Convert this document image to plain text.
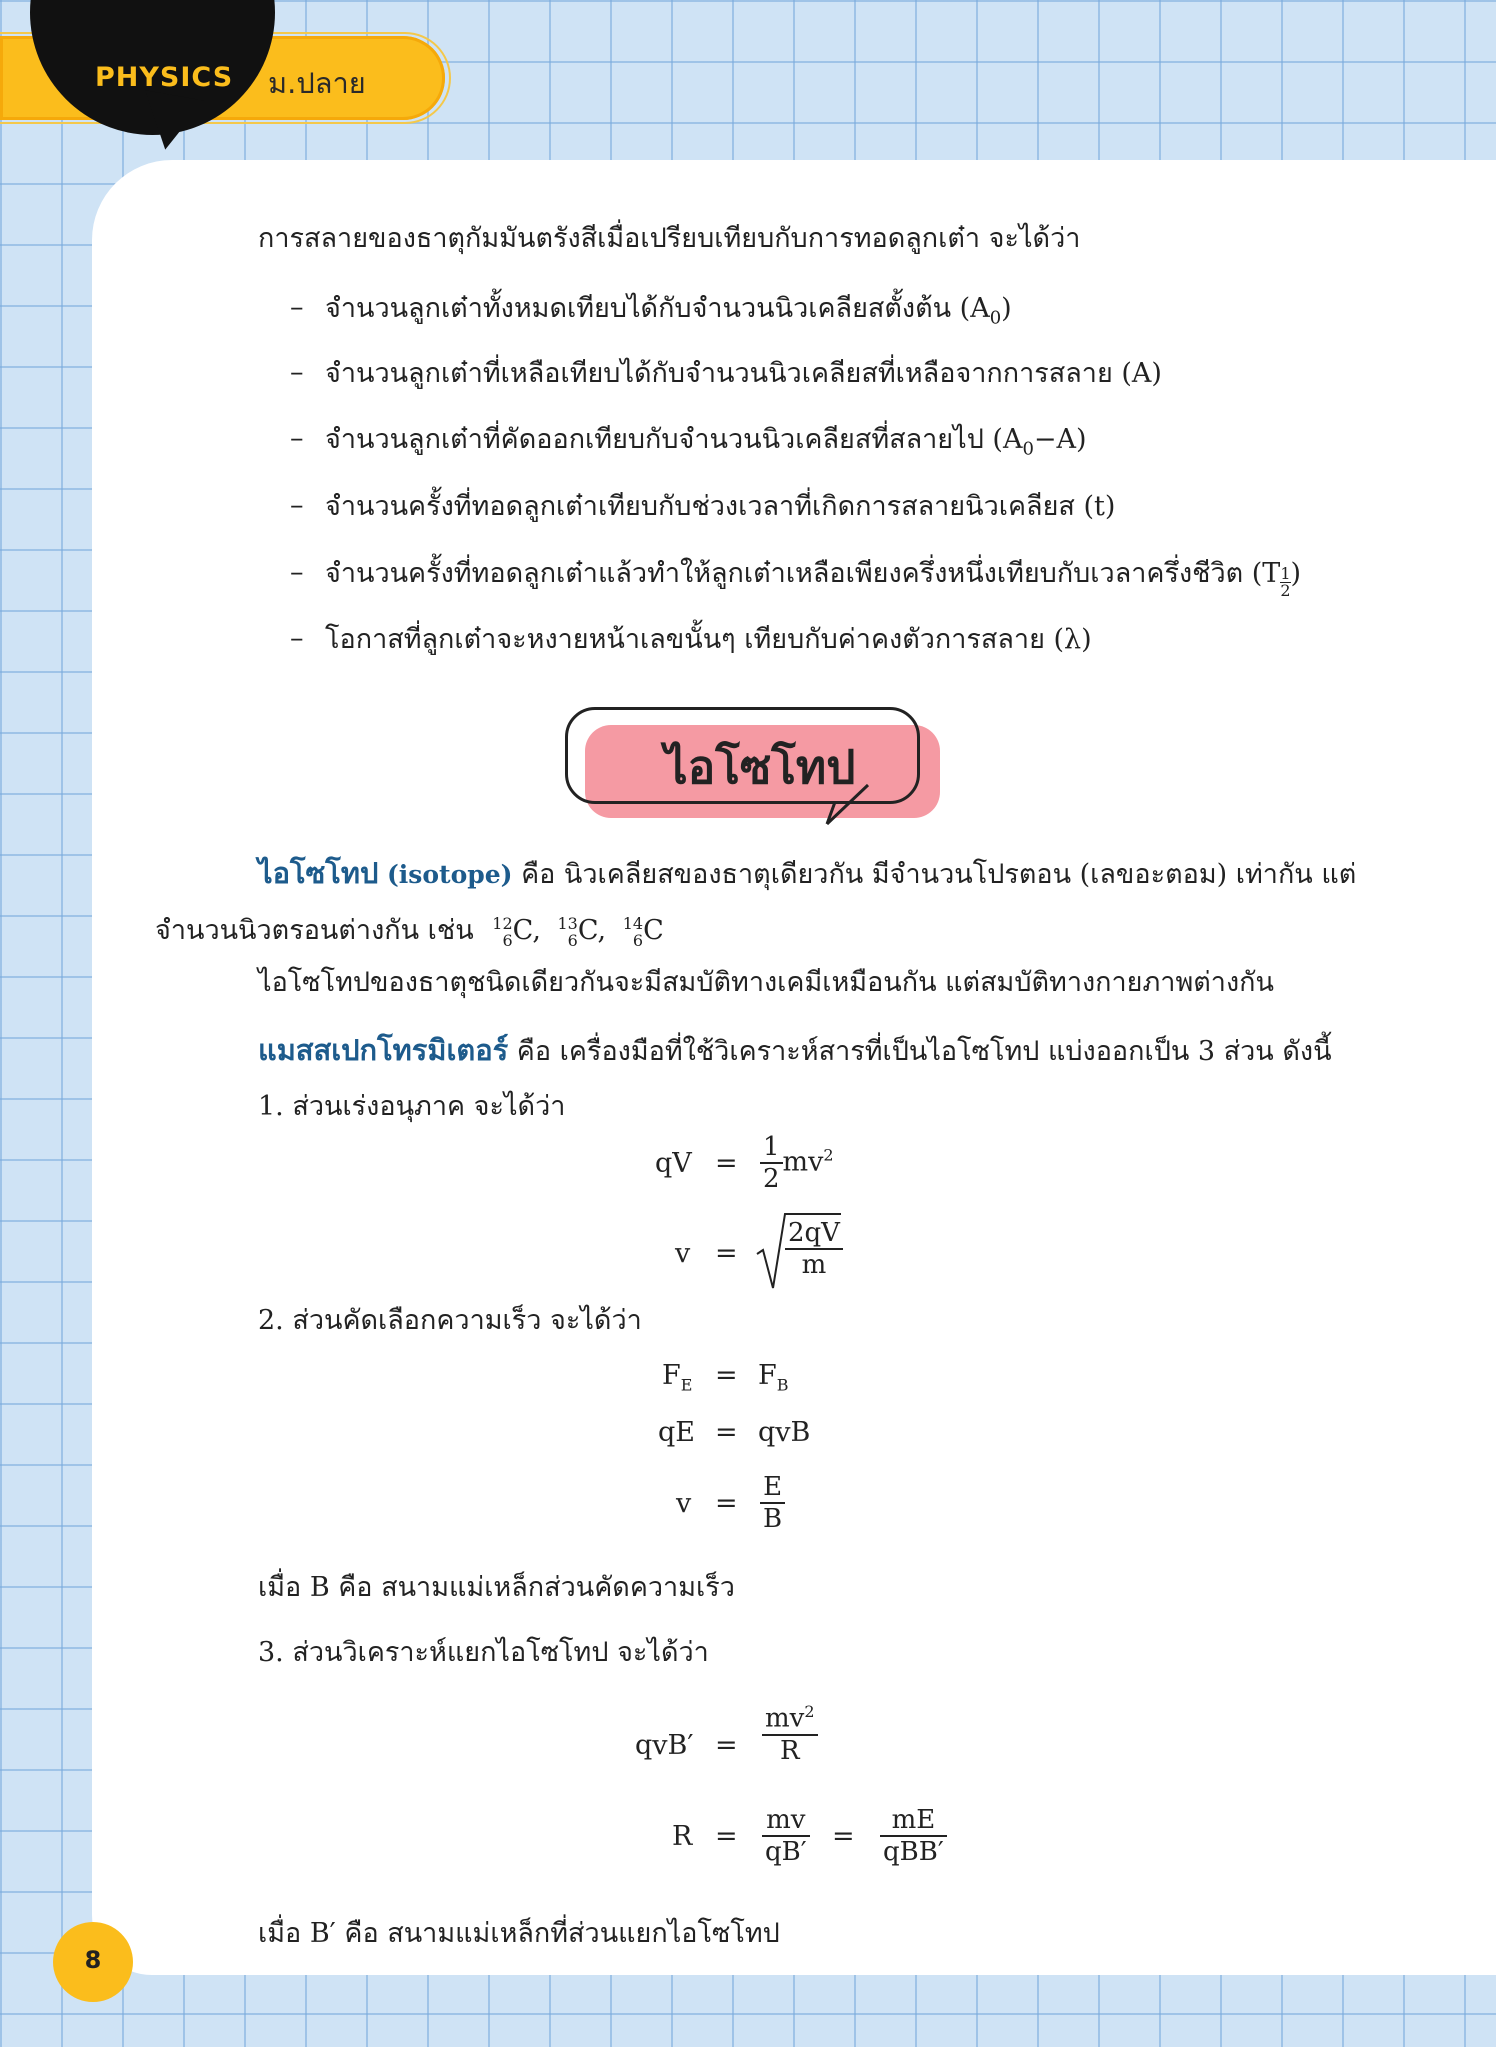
PHYSICS ม.ปลาย
การสลายของธาตุกัมมันตรังสีเมื่อเปรียบเทียบกับการทอดลูกเต๋า จะได้ว่า
– จำนวนลูกเต๋าทั้งหมดเทียบได้กับจำนวนนิวเคลียสตั้งต้น $(A_0)$
– จำนวนลูกเต๋าที่เหลือเทียบได้กับจำนวนนิวเคลียสที่เหลือจากการสลาย (A)
– จำนวนลูกเต๋าที่คัดออกเทียบกับจำนวนนิวเคลียสที่สลายไป $(A_0-A)$
– จำนวนครั้งที่ทอดลูกเต๋าเทียบกับช่วงเวลาที่เกิดการสลายนิวเคลียส (t)
– จำนวนครั้งที่ทอดลูกเต๋าแล้วทำให้ลูกเต๋าเหลือเพียงครึ่งหนึ่งเทียบกับเวลาครึ่งชีวิต ($T \frac{1}{2}$ )
– โอกาสที่ลูกเต๋าจะหงายหน้าเลขนั้นๆ เทียบกับค่าคงตัวการสลาย (λ)
ไอโซโทป
ไอโซโทป (isotope) คือ นิวเคลียสของธาตุเดียวกัน มีจำนวนโปรตอน (เลขอะตอม) เท่ากัน แต่
จำนวนนิวตรอนต่างกัน เช่น 12
6 C, 13
6 C, 14
6 C
ไอโซโทปของธาตุชนิดเดียวกันจะมีสมบัติทางเคมีเหมือนกัน แต่สมบัติทางกายภาพต่างกัน
แมสสเปกโทรมิเตอร์ คือ เครื่องมือที่ใช้วิเคราะห์สารที่เป็นไอโซโทป แบ่งออกเป็น 3 ส่วน ดังนี้
1. ส่วนเร่งอนุภาค จะได้ว่า
qV = $\frac{1}{2} mv^2$
$v = \frac{2qV}{m}$
2. ส่วนคัดเลือกความเร็ว จะได้ว่า
$F_E = F_B$
qE = qvB
$v = \frac{E}{B}$
เมื่อ B คือ สนามแม่เหล็กส่วนคัดความเร็ว
3. ส่วนวิเคราะห์แยกไอโซโทป จะได้ว่า
$qvB' = \frac{mv^2}{R}$
$R = \frac{mv}{qB'} = \frac{mE}{\text{qBB′}}$
เมื่อ B′ คือ สนามแม่เหล็กที่ส่วนแยกไอโซโทป
8
